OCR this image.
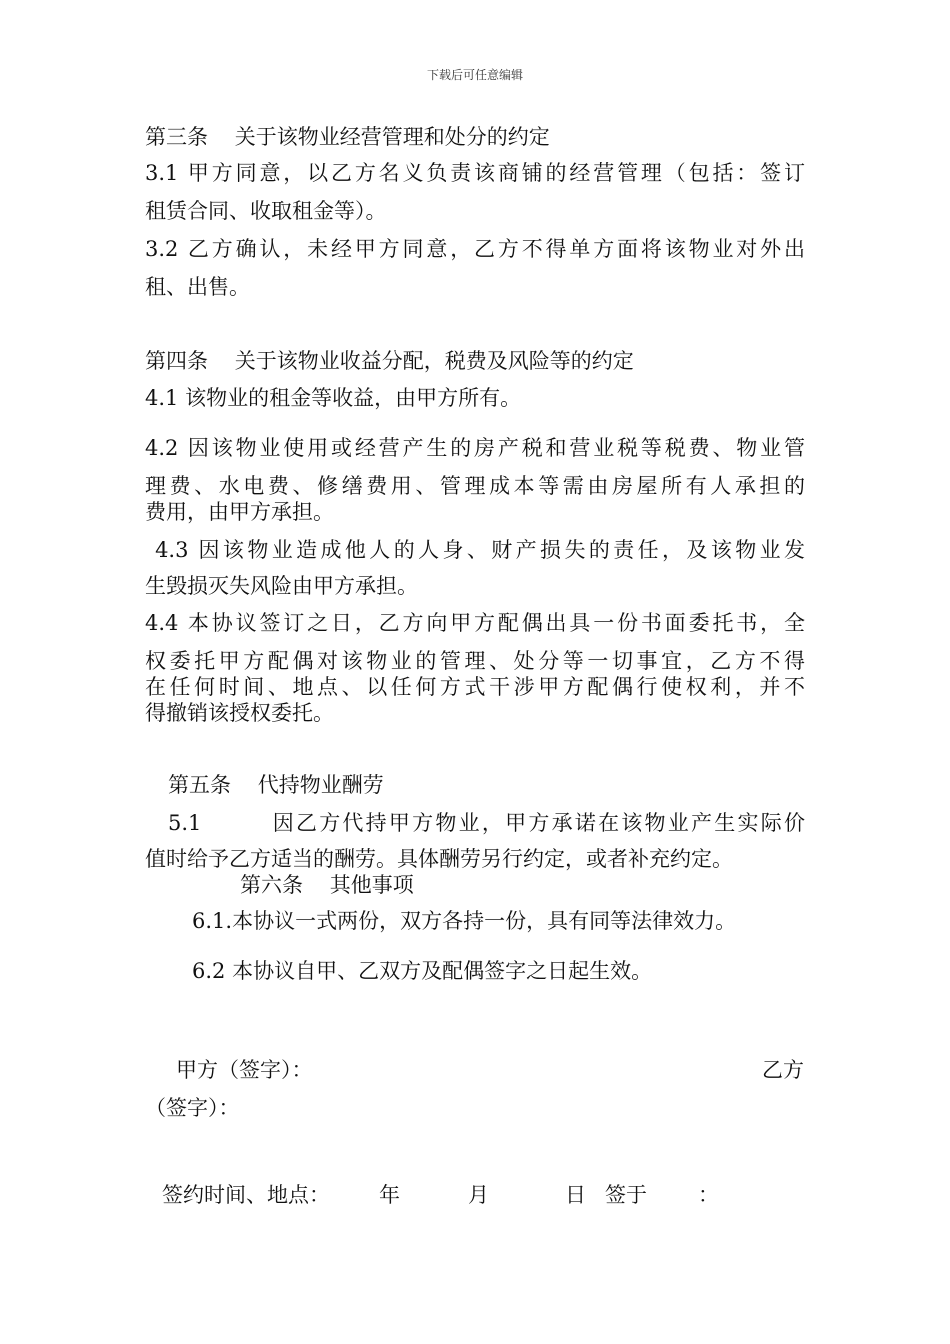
下载后可任意编辑
第三条    关于该物业经营管理和处分的约定
3.1 甲方同意，以乙方名义负责该商铺的经营管理（包括：签订
租赁合同、收取租金等）。
3.2 乙方确认，未经甲方同意，乙方不得单方面将该物业对外出
租、出售。
第四条    关于该物业收益分配，税费及风险等的约定
4.1 该物业的租金等收益，由甲方所有。
4.2 因该物业使用或经营产生的房产税和营业税等税费、物业管
理费、水电费、修缮费用、管理成本等需由房屋所有人承担的
费用，由甲方承担。
4.3 因该物业造成他人的人身、财产损失的责任，及该物业发
生毁损灭失风险由甲方承担。
4.4 本协议签订之日，乙方向甲方配偶出具一份书面委托书，全
权委托甲方配偶对该物业的管理、处分等一切事宜，乙方不得
在任何时间、地点、以任何方式干涉甲方配偶行使权利，并不
得撤销该授权委托。
第五条    代持物业酬劳
5.1        因乙方代持甲方物业，甲方承诺在该物业产生实际价
值时给予乙方适当的酬劳。具体酬劳另行约定，或者补充约定。
第六条    其他事项
6.1.本协议一式两份，双方各持一份，具有同等法律效力。
6.2 本协议自甲、乙双方及配偶签字之日起生效。
甲方（签字）：	乙方
（签字）：
签约时间、地点： 年	月	日 签于 ：
